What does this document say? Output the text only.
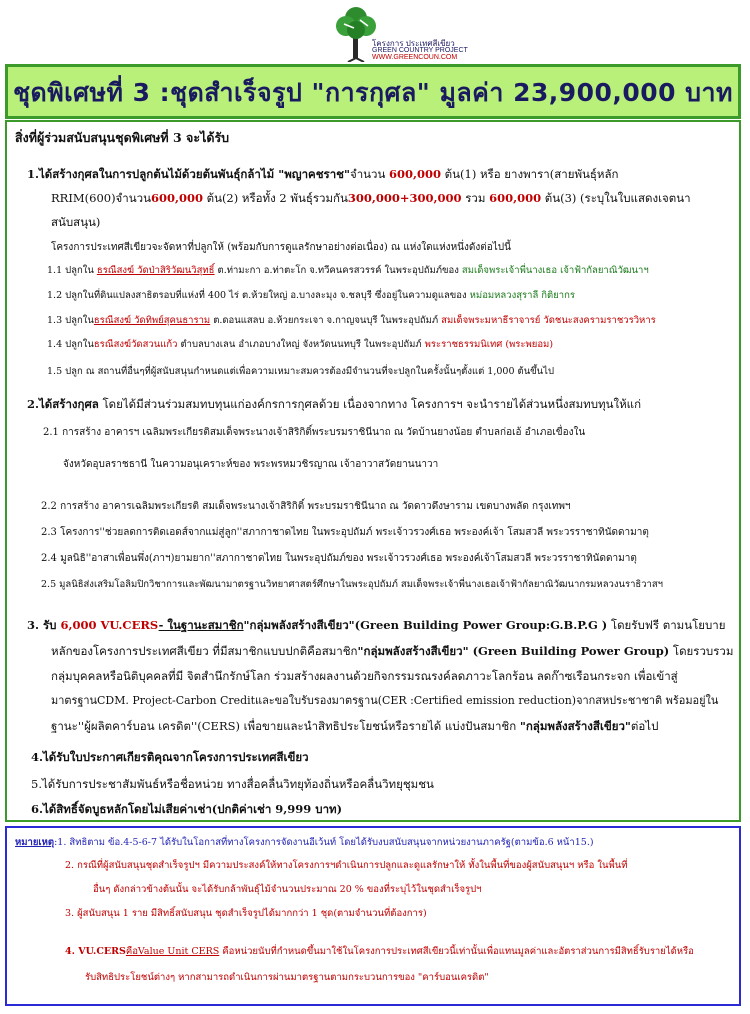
โครงการ ประเทศสีเขียว
GREEN COUNTRY PROJECT
WWW.GREENCOUN.COM
ชุดพิเศษที่ 3 :ชุดสำเร็จรูป "การกุศล" มูลค่า 23,900,000 บาท
สิ่งที่ผู้ร่วมสนับสนุนชุดพิเศษที่ 3 จะได้รับ
1.ได้สร้างกุศลในการปลูกต้นไม้ด้วยต้นพันธุ์กล้าไม้ "พญาคชราช"จำนวน 600,000 ต้น(1) หรือ ยางพารา(สายพันธุ์หลัก
RRIM(600)จำนวน600,000 ต้น(2) หรือทั้ง 2 พันธุ์รวมกัน300,000+300,000 รวม 600,000 ต้น(3) (ระบุในใบแสดงเจตนา
สนับสนุน)
โครงการประเทศสีเขียวจะจัดหาที่ปลูกให้ (พร้อมกับการดูแลรักษาอย่างต่อเนื่อง) ณ แห่งใดแห่งหนึ่งดังต่อไปนี้
1.1 ปลูกใน ธรณีสงฆ์ วัดป่าสิริวัฒนวิสุทธิ์ ต.ท่ามะกา อ.ท่าตะโก จ.ทวีคนครสวรรค์ ในพระอุปถัมภ์ของ สมเด็จพระเจ้าพี่นางเธอ เจ้าฟ้ากัลยาณิวัฒนาฯ
1.2 ปลูกในที่ดินแปลงสาธิตรอบที่แห่งที่ 400 ไร่ ต.ห้วยใหญ่ อ.บางละมุง จ.ชลบุรี ซึ่งอยู่ในความดูแลของ หม่อมหลวงสุราลี กิติยากร
1.3 ปลูกในธรณีสงฆ์ วัดทิพย์สุคนธาราม ต.ดอนแสลบ อ.ห้วยกระเจา จ.กาญจนบุรี ในพระอุปถัมภ์ สมเด็จพระมหาธีราจารย์ วัดชนะสงครามราชวรวิหาร
1.4 ปลูกในธรณีสงฆ์วัดสวนแก้ว ตำบลบางเลน อำเภอบางใหญ่ จังหวัดนนทบุรี ในพระอุปถัมภ์ พระราชธรรมนิเทศ (พระพยอม)
1.5 ปลูก ณ สถานที่อื่นๆที่ผู้สนับสนุนกำหนดแต่เพื่อความเหมาะสมควรต้องมีจำนวนที่จะปลูกในครั้งนั้นๆตั้งแต่ 1,000 ต้นขึ้นไป
2.ได้สร้างกุศล โดยได้มีส่วนร่วมสมทบทุนแก่องค์กรการกุศลด้วย เนื่องจากทาง โครงการฯ จะนำรายได้ส่วนหนึ่งสมทบทุนให้แก่
2.1 การสร้าง อาคารฯ เฉลิมพระเกียรติสมเด็จพระนางเจ้าสิริกิติ์พระบรมราชินีนาถ ณ วัดบ้านยางน้อย ตำบลก่อเอ้ อำเภอเขื่องใน
จังหวัดอุบลราชธานี ในความอนุเคราะห์ของ พระพรหมวชิรญาณ เจ้าอาวาสวัดยานนาวา
2.2 การสร้าง อาคารเฉลิมพระเกียรติ สมเด็จพระนางเจ้าสิริกิติ์ พระบรมราชินีนาถ ณ วัดดาวดึงษาราม เขตบางพลัด กรุงเทพฯ
2.3 โครงการ''ช่วยลดการติดเอดส์จากแม่สู่ลูก''สภากาชาดไทย ในพระอุปถัมภ์ พระเจ้าวรวงศ์เธอ พระองค์เจ้า โสมสวลี พระวรราชาทินัดดามาตุ
2.4 มูลนิธิ''อาสาเพื่อนพึ่ง(ภาฯ)ยามยาก''สภากาชาดไทย ในพระอุปถัมภ์ของ พระเจ้าวรวงศ์เธอ พระองค์เจ้าโสมสวลี พระวรราชาทินัดดามาตุ
2.5 มูลนิธิส่งเสริมโอลิมปิกวิชาการและพัฒนามาตรฐานวิทยาศาสตร์ศึกษาในพระอุปถัมภ์ สมเด็จพระเจ้าพี่นางเธอเจ้าฟ้ากัลยาณิวัฒนากรมหลวงนราธิวาสฯ
3. รับ 6,000 VU.CERS- ในฐานะสมาชิก"กลุ่มพลังสร้างสีเขียว"(Green Building Power Group:G.B.P.G ) โดยรับฟรี ตามนโยบาย
หลักของโครงการประเทศสีเขียว ที่มีสมาชิกแบบปกติคือสมาชิก"กลุ่มพลังสร้างสีเขียว" (Green Building Power Group) โดยรวบรวม
กลุ่มบุคคลหรือนิติบุคคลที่มี จิตสำนึกรักษ์โลก ร่วมสร้างผลงานด้วยกิจกรรมรณรงค์ลดภาวะโลกร้อน ลดก๊าซเรือนกระจก เพื่อเข้าสู่
มาตรฐานCDM. Project-Carbon Creditและขอใบรับรองมาตรฐาน(CER :Certified emission reduction)จากสหประชาชาติ พร้อมอยู่ใน
ฐานะ''ผู้ผลิตคาร์บอน เครดิต''(CERS) เพื่อขายและนำสิทธิประโยชน์หรือรายได้ แบ่งปันสมาชิก "กลุ่มพลังสร้างสีเขียว"ต่อไป
4.ได้รับใบประกาศเกียรติคุณจากโครงการประเทศสีเขียว
5.ได้รับการประชาสัมพันธ์หรือชื่อหน่วย ทางสื่อคลื่นวิทยุท้องถิ่นหรือคลื่นวิทยุชุมชน
6.ได้สิทธิ์จัดบูธหลักโดยไม่เสียค่าเช่า(ปกติค่าเช่า 9,999 บาท)
หมายเหตุ:1. สิทธิตาม ข้อ.4-5-6-7 ได้รับในโอกาสที่ทางโครงการจัดงานอีเว้นท์ โดยได้รับงบสนับสนุนจากหน่วยงานภาครัฐ(ตามข้อ.6 หน้า15.)
2. กรณีที่ผู้สนับสนุนชุดสำเร็จรูปฯ มีความประสงค์ให้ทางโครงการฯดำเนินการปลูกและดูแลรักษาให้ ทั้งในพื้นที่ของผู้สนับสนุนฯ หรือ ในพื้นที่
อื่นๆ ดังกล่าวข้างต้นนั้น จะได้รับกล้าพันธุ์ไม้จำนวนประมาณ 20 % ของที่ระบุไว้ในชุดสำเร็จรูปฯ
3. ผู้สนับสนุน 1 ราย มีสิทธิ์สนับสนุน ชุดสำเร็จรูปได้มากกว่า 1 ชุด(ตามจำนวนที่ต้องการ)
4. VU.CERSคือValue Unit CERS คือหน่วยนับที่กำหนดขึ้นมาใช้ในโครงการประเทศสีเขียวนี้เท่านั้นเพื่อแทนมูลค่าและอัตราส่วนการมีสิทธิ์รับรายได้หรือ
รับสิทธิประโยชน์ต่างๆ หากสามารถดำเนินการผ่านมาตรฐานตามกระบวนการของ "คาร์บอนเครดิต"
